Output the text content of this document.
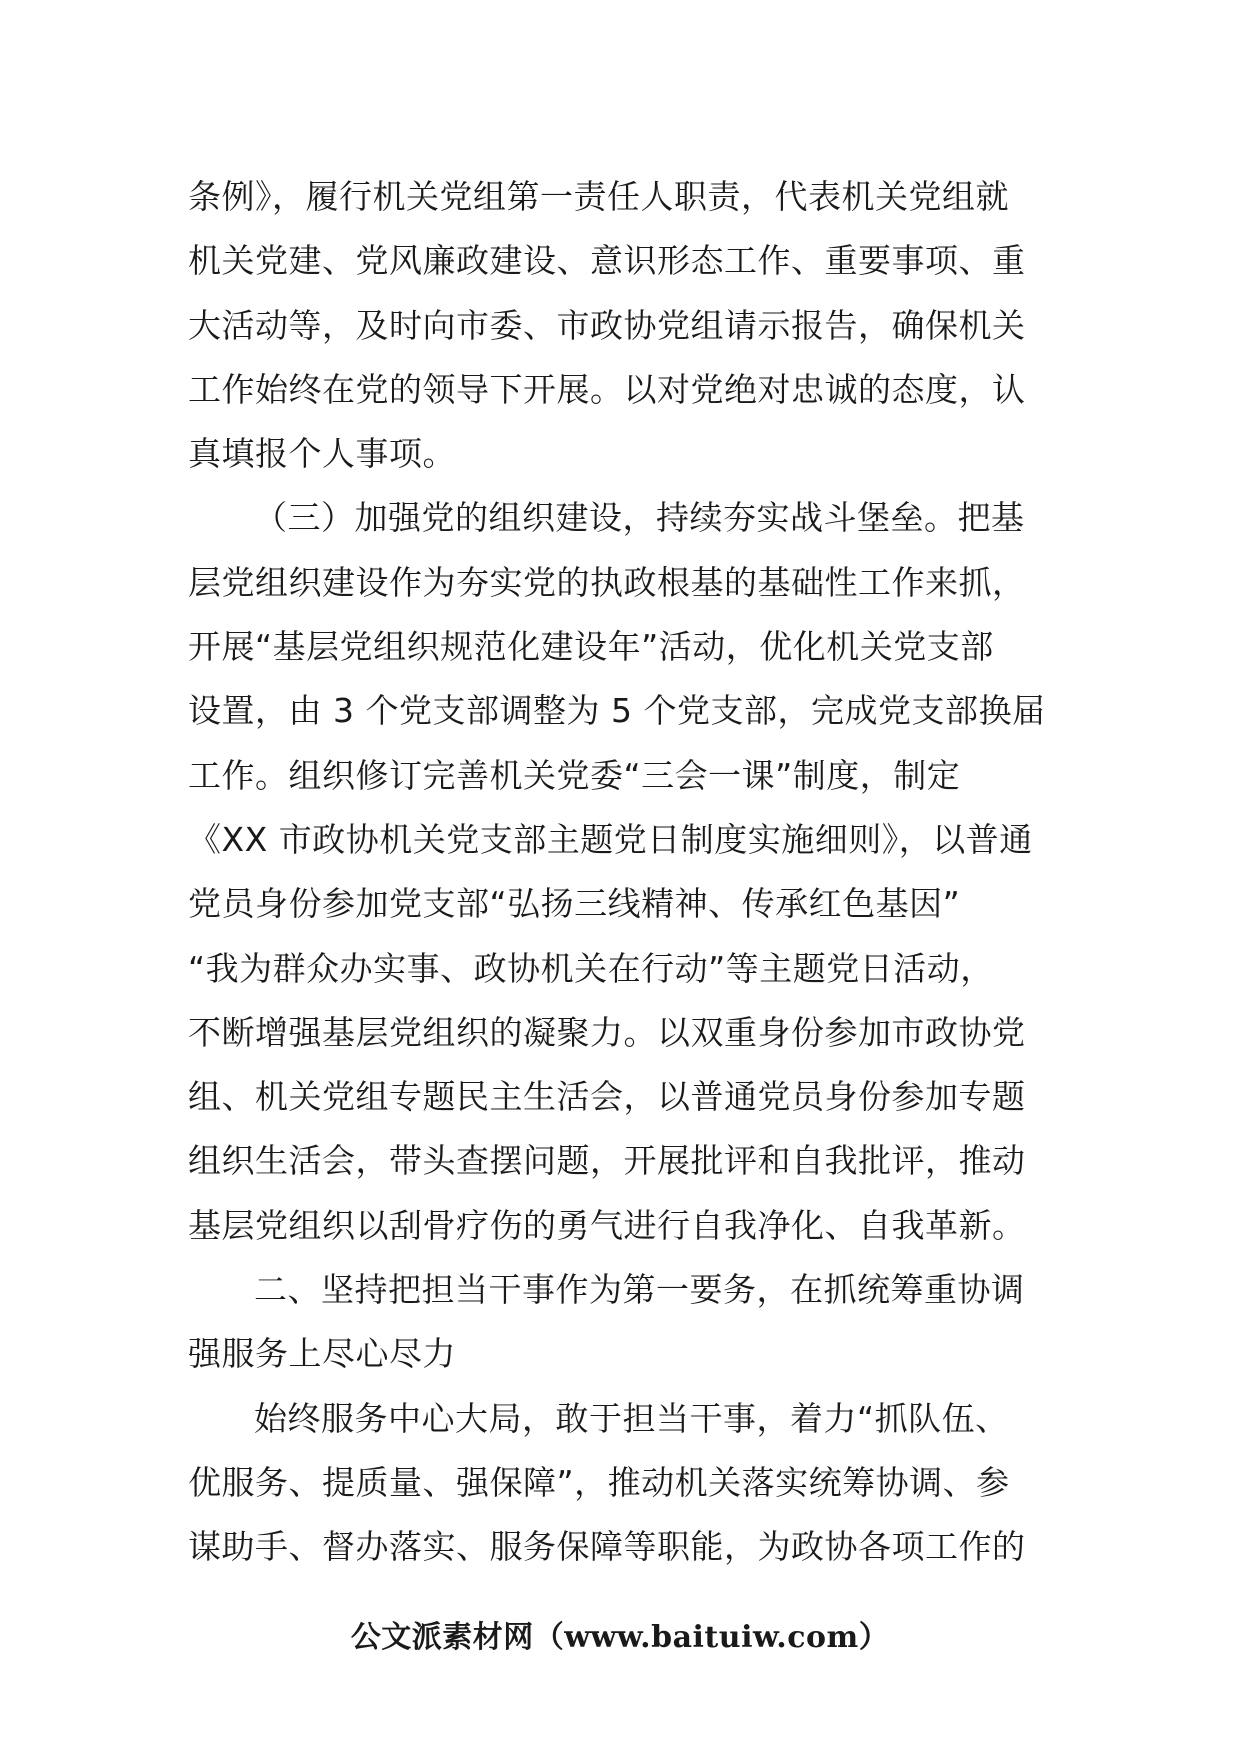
条例》，履行机关党组第一责任人职责，代表机关党组就
机关党建、党风廉政建设、意识形态工作、重要事项、重
大活动等，及时向市委、市政协党组请示报告，确保机关
工作始终在党的领导下开展。以对党绝对忠诚的态度，认
真填报个人事项。
（三）加强党的组织建设，持续夯实战斗堡垒。把基
层党组织建设作为夯实党的执政根基的基础性工作来抓，
开展“基层党组织规范化建设年”活动，优化机关党支部
设置，由 3 个党支部调整为 5 个党支部，完成党支部换届
工作。组织修订完善机关党委“三会一课”制度，制定
《XX 市政协机关党支部主题党日制度实施细则》，以普通
党员身份参加党支部“弘扬三线精神、传承红色基因”
“我为群众办实事、政协机关在行动”等主题党日活动，
不断增强基层党组织的凝聚力。以双重身份参加市政协党
组、机关党组专题民主生活会，以普通党员身份参加专题
组织生活会，带头查摆问题，开展批评和自我批评，推动
基层党组织以刮骨疗伤的勇气进行自我净化、自我革新。
二、坚持把担当干事作为第一要务，在抓统筹重协调
强服务上尽心尽力
始终服务中心大局，敢于担当干事，着力“抓队伍、
优服务、提质量、强保障”，推动机关落实统筹协调、参
谋助手、督办落实、服务保障等职能，为政协各项工作的
公文派素材网（www.baituiw.com）
